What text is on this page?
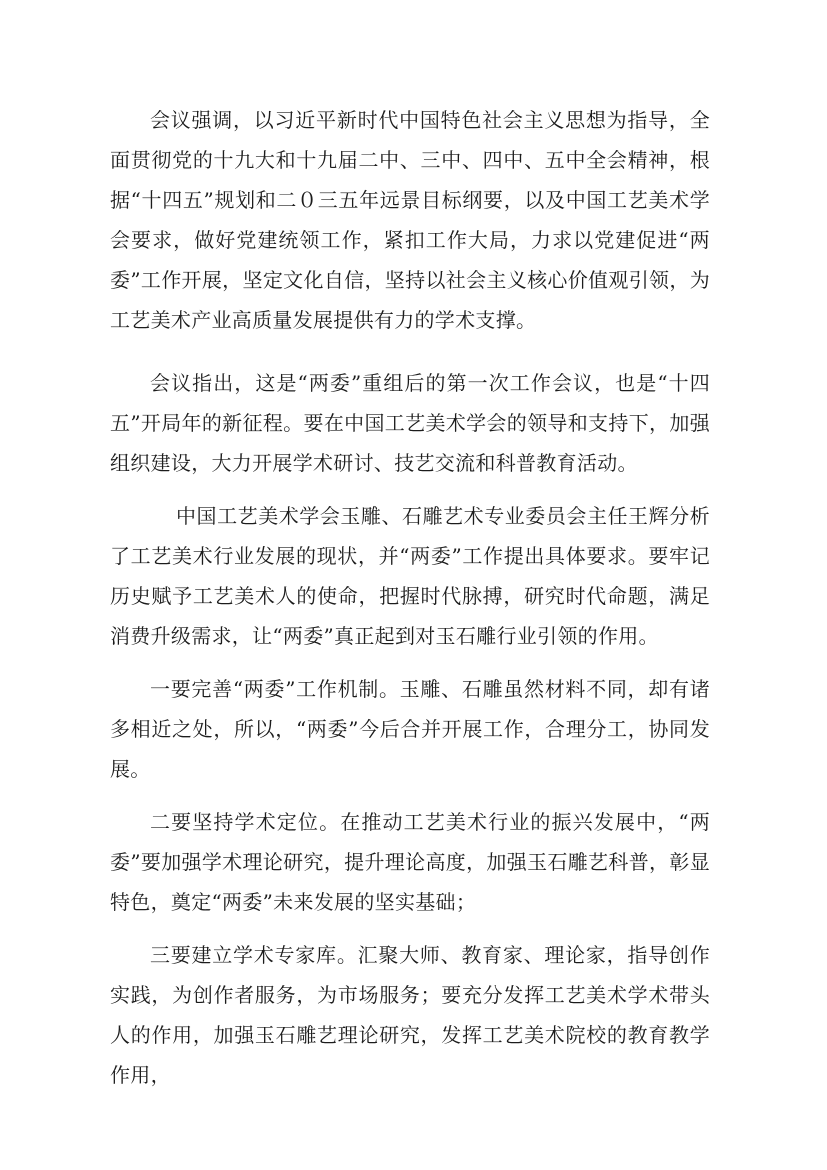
会议强调，以习近平新时代中国特色社会主义思想为指导，全面贯彻党的十九大和十九届二中、三中、四中、五中全会精神，根据“十四五”规划和二０三五年远景目标纲要，以及中国工艺美术学会要求，做好党建统领工作，紧扣工作大局，力求以党建促进“两委”工作开展，坚定文化自信，坚持以社会主义核心价值观引领，为工艺美术产业高质量发展提供有力的学术支撑。

会议指出，这是“两委”重组后的第一次工作会议，也是“十四五”开局年的新征程。要在中国工艺美术学会的领导和支持下，加强组织建设，大力开展学术研讨、技艺交流和科普教育活动。

中国工艺美术学会玉雕、石雕艺术专业委员会主任王辉分析了工艺美术行业发展的现状，并“两委”工作提出具体要求。要牢记历史赋予工艺美术人的使命，把握时代脉搏，研究时代命题，满足消费升级需求，让“两委”真正起到对玉石雕行业引领的作用。

一要完善“两委”工作机制。玉雕、石雕虽然材料不同，却有诸多相近之处，所以，“两委”今后合并开展工作，合理分工，协同发展。

二要坚持学术定位。在推动工艺美术行业的振兴发展中，“两委”要加强学术理论研究，提升理论高度，加强玉石雕艺科普，彰显特色，奠定“两委”未来发展的坚实基础；

三要建立学术专家库。汇聚大师、教育家、理论家，指导创作实践，为创作者服务，为市场服务；要充分发挥工艺美术学术带头人的作用，加强玉石雕艺理论研究，发挥工艺美术院校的教育教学作用，
